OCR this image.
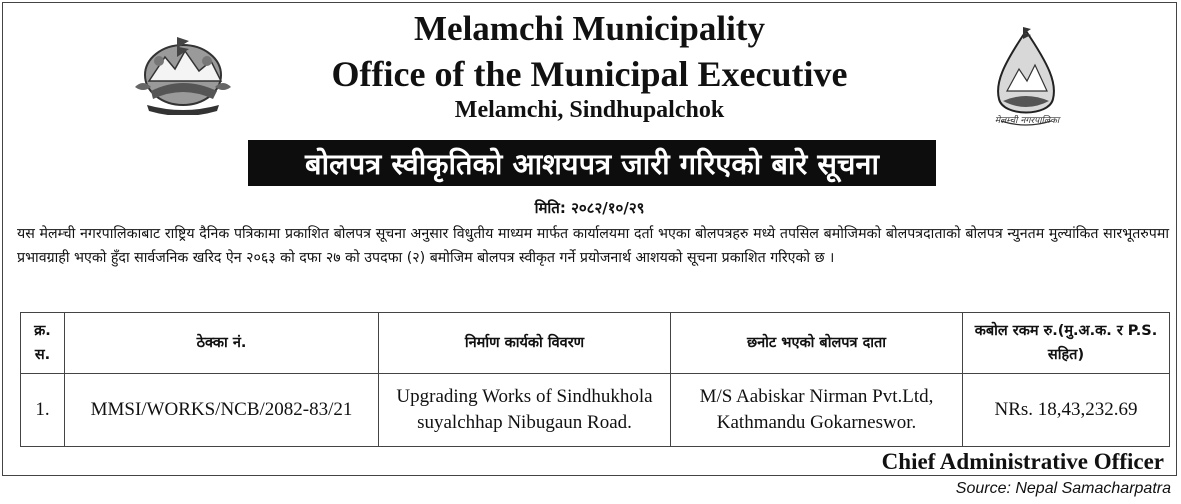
मेलम्ची नगरपालिका
Melamchi Municipality
Office of the Municipal Executive
Melamchi, Sindhupalchok
बोलपत्र स्वीकृतिको आशयपत्र जारी गरिएको बारे सूचना
मिति: २०८२/१०/२९
यस मेलम्ची नगरपालिकाबाट राष्ट्रिय दैनिक पत्रिकामा प्रकाशित बोलपत्र सूचना अनुसार विधुतीय माध्यम मार्फत कार्यालयमा दर्ता भएका बोलपत्रहरु मध्ये तपसिल बमोजिमको बोलपत्रदाताको बोलपत्र न्युनतम मुल्यांकित सारभूतरुपमा प्रभावग्राही भएको हुँदा सार्वजनिक खरिद ऐन २०६३ को दफा २७ को उपदफा (२) बमोजिम बोलपत्र स्वीकृत गर्ने प्रयोजनार्थ आशयको सूचना प्रकाशित गरिएको छ ।
क्र. स.	ठेक्का नं.	निर्माण कार्यको विवरण	छनोट भएको बोलपत्र दाता	कबोल रकम रु.(मु.अ.क. र P.S. सहित)
1.	MMSI/WORKS/NCB/2082-83/21	Upgrading Works of Sindhukhola suyalchhap Nibugaun Road.	M/S Aabiskar Nirman Pvt.Ltd, Kathmandu Gokarneswor.	NRs. 18,43,232.69
Chief Administrative Officer
Source: Nepal Samacharpatra
